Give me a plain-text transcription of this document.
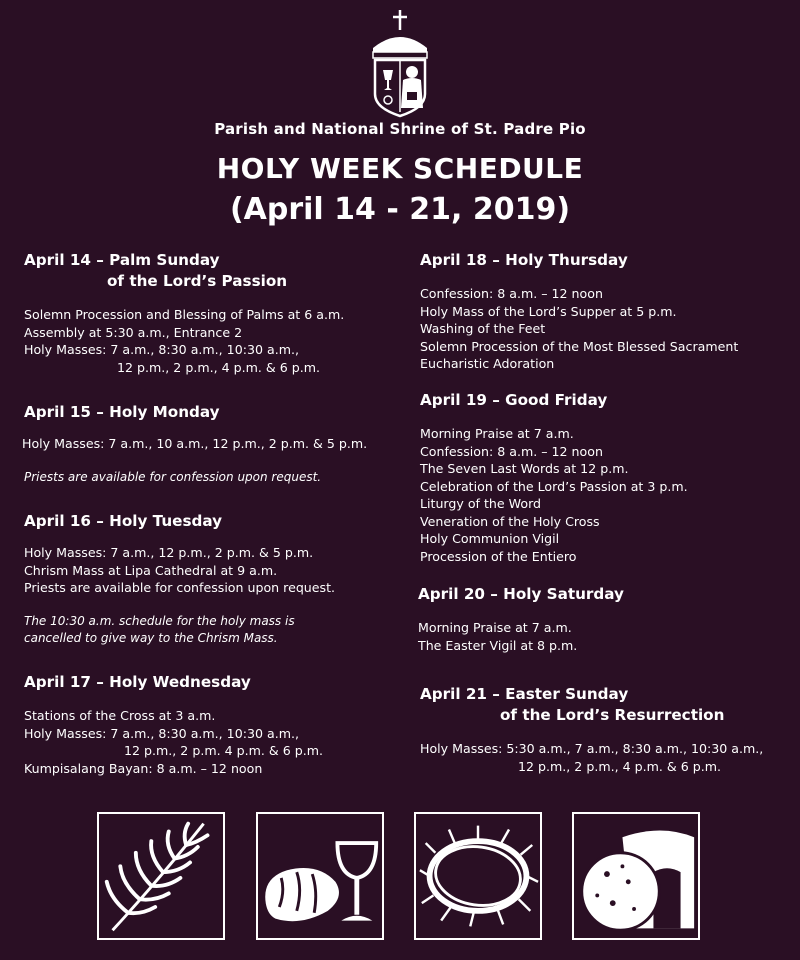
Parish and National Shrine of St. Padre Pio
HOLY WEEK SCHEDULE
(April 14 - 21, 2019)
April 14 – Palm Sunday
of the Lord’s Passion
Solemn Procession and Blessing of Palms at 6 a.m.
Assembly at 5:30 a.m., Entrance 2
Holy Masses: 7 a.m., 8:30 a.m., 10:30 a.m.,
12 p.m., 2 p.m., 4 p.m. & 6 p.m.
April 15 – Holy Monday
Holy Masses: 7 a.m., 10 a.m., 12 p.m., 2 p.m. & 5 p.m.
Priests are available for confession upon request.
April 16 – Holy Tuesday
Holy Masses: 7 a.m., 12 p.m., 2 p.m. & 5 p.m.
Chrism Mass at Lipa Cathedral at 9 a.m.
Priests are available for confession upon request.
The 10:30 a.m. schedule for the holy mass is
cancelled to give way to the Chrism Mass.
April 17 – Holy Wednesday
Stations of the Cross at 3 a.m.
Holy Masses: 7 a.m., 8:30 a.m., 10:30 a.m.,
12 p.m., 2 p.m. 4 p.m. & 6 p.m.
Kumpisalang Bayan: 8 a.m. – 12 noon
April 18 – Holy Thursday
Confession: 8 a.m. – 12 noon
Holy Mass of the Lord’s Supper at 5 p.m.
Washing of the Feet
Solemn Procession of the Most Blessed Sacrament
Eucharistic Adoration
April 19 – Good Friday
Morning Praise at 7 a.m.
Confession: 8 a.m. – 12 noon
The Seven Last Words at 12 p.m.
Celebration of the Lord’s Passion at 3 p.m.
Liturgy of the Word
Veneration of the Holy Cross
Holy Communion Vigil
Procession of the Entiero
April 20 – Holy Saturday
Morning Praise at 7 a.m.
The Easter Vigil at 8 p.m.
April 21 – Easter Sunday
of the Lord’s Resurrection
Holy Masses: 5:30 a.m., 7 a.m., 8:30 a.m., 10:30 a.m.,
12 p.m., 2 p.m., 4 p.m. & 6 p.m.
